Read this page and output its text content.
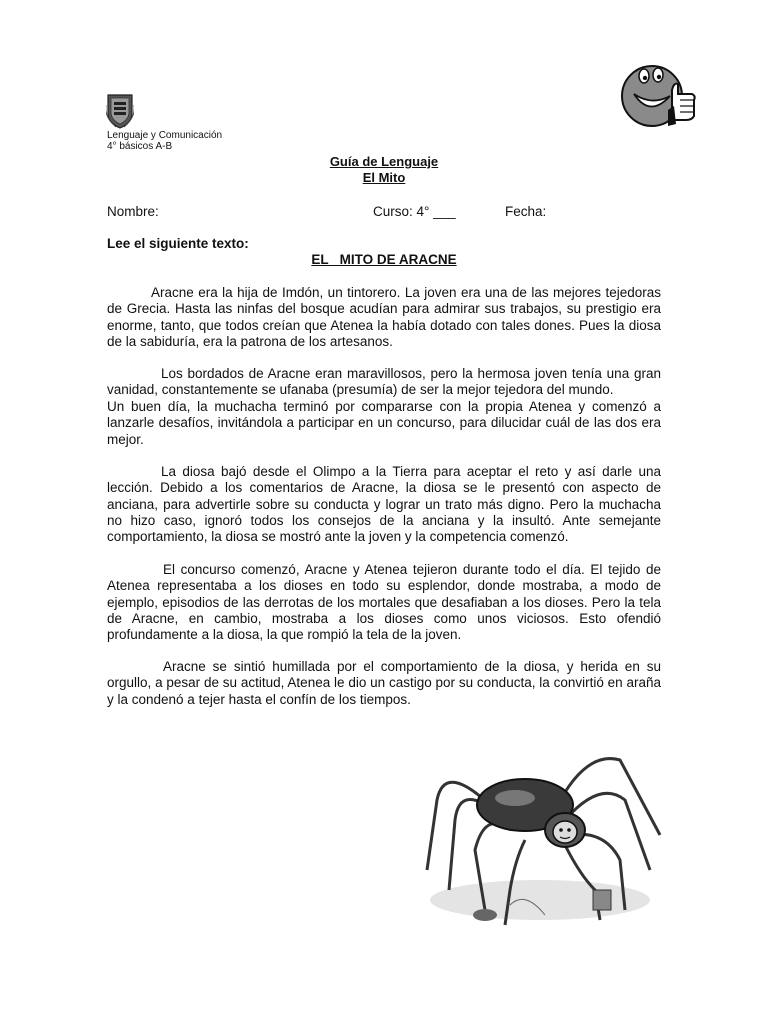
Lenguaje y Comunicación
4° básicos A-B
Guía de Lenguaje
El Mito
Nombre:	Curso: 4° ___	Fecha:
Lee el siguiente texto:
EL   MITO DE ARACNE

Aracne era la hija de Imdón, un tintorero. La joven era una de las mejores tejedoras de Grecia. Hasta las ninfas del bosque acudían para admirar sus trabajos, su prestigio era enorme, tanto, que todos creían que Atenea la había dotado con tales dones. Pues la diosa de la sabiduría, era la patrona de los artesanos.

Los bordados de Aracne eran maravillosos, pero la hermosa joven tenía una gran vanidad, constantemente se ufanaba (presumía) de ser la mejor tejedora del mundo.

Un buen día, la muchacha terminó por compararse con la propia Atenea y comenzó a lanzarle desafíos, invitándola a participar en un concurso, para dilucidar cuál de las dos era mejor.

La diosa bajó desde el Olimpo a la Tierra para aceptar el reto y así darle una lección. Debido a los comentarios de Aracne, la diosa se le presentó con aspecto de anciana, para advertirle sobre su conducta y lograr un trato más digno. Pero la muchacha no hizo caso, ignoró todos los consejos de la anciana y la insultó. Ante semejante comportamiento, la diosa se mostró ante la joven y la competencia comenzó.

El concurso comenzó, Aracne y Atenea tejieron durante todo el día. El tejido de Atenea representaba a los dioses en todo su esplendor, donde mostraba, a modo de ejemplo, episodios de las derrotas de los mortales que desafiaban a los dioses. Pero la tela de Aracne, en cambio, mostraba a los dioses como unos viciosos. Esto ofendió profundamente a la diosa, la que rompió la tela de la joven.

Aracne se sintió humillada por el comportamiento de la diosa, y herida en su orgullo, a pesar de su actitud, Atenea le dio un castigo por su conducta, la convirtió en araña y la condenó a tejer hasta el confín de los tiempos.
